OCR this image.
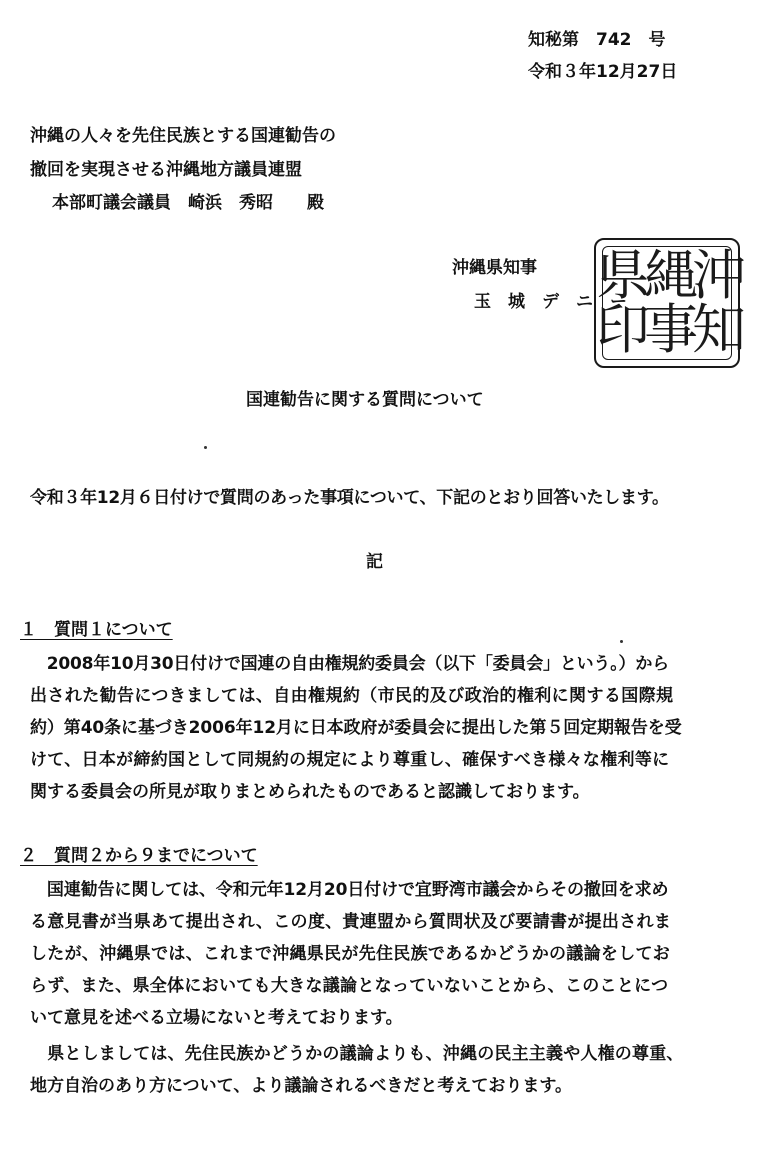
知秘第　742　号
令和３年12月27日
沖縄の人々を先住民族とする国連勧告の
撤回を実現させる沖縄地方議員連盟
本部町議会議員　崎浜　秀昭　　殿
沖縄県知事
玉　城　デ　ニ　ー 沖
縄
県
知
事
印
国連勧告に関する質問について
令和３年12月６日付けで質問のあった事項について、下記のとおり回答いたします。
記
１　質問１について
　2008年10月30日付けで国連の自由権規約委員会（以下「委員会」という。）から
出された勧告につきましては、自由権規約（市民的及び政治的権利に関する国際規
約）第40条に基づき2006年12月に日本政府が委員会に提出した第５回定期報告を受
けて、日本が締約国として同規約の規定により尊重し、確保すべき様々な権利等に
関する委員会の所見が取りまとめられたものであると認識しております。
２　質問２から９までについて
　国連勧告に関しては、令和元年12月20日付けで宜野湾市議会からその撤回を求め
る意見書が当県あて提出され、この度、貴連盟から質問状及び要請書が提出されま
したが、沖縄県では、これまで沖縄県民が先住民族であるかどうかの議論をしてお
らず、また、県全体においても大きな議論となっていないことから、このことにつ
いて意見を述べる立場にないと考えております。
　県としましては、先住民族かどうかの議論よりも、沖縄の民主主義や人権の尊重、
地方自治のあり方について、より議論されるべきだと考えております。
